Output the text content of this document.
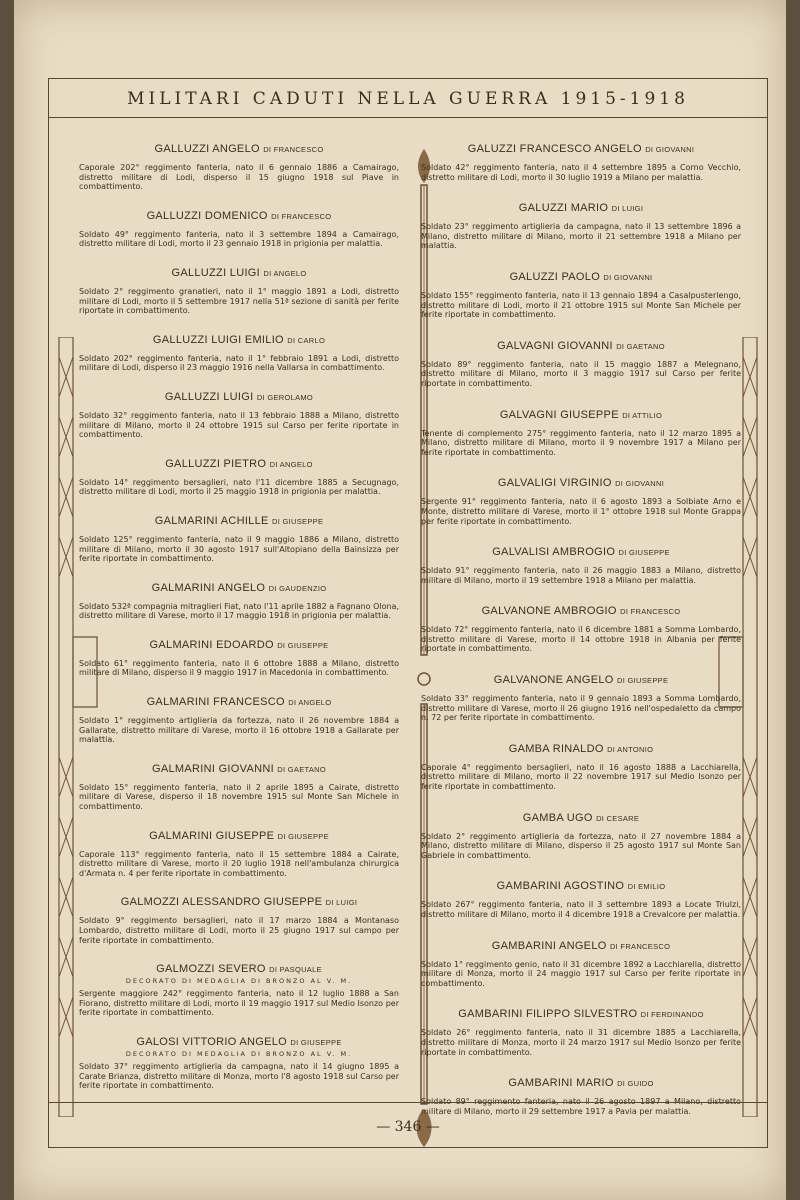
MILITARI CADUTI NELLA GUERRA 1915-1918
GALLUZZI ANGELO DI FRANCESCO
Caporale 202° reggimento fanteria, nato il 6 gennaio 1886 a Camairago, distretto militare di Lodi, disperso il 15 giugno 1918 sul Piave in combattimento.
GALLUZZI DOMENICO DI FRANCESCO
Soldato 49° reggimento fanteria, nato il 3 settembre 1894 a Camairago, distretto militare di Lodi, morto il 23 gennaio 1918 in prigionia per malattia.
GALLUZZI LUIGI DI ANGELO
Soldato 2° reggimento granatieri, nato il 1° maggio 1891 a Lodi, distretto militare di Lodi, morto il 5 settembre 1917 nella 51ª sezione di sanità per ferite riportate in combattimento.
GALLUZZI LUIGI EMILIO DI CARLO
Soldato 202° reggimento fanteria, nato il 1° febbraio 1891 a Lodi, distretto militare di Lodi, disperso il 23 maggio 1916 nella Vallarsa in combattimento.
GALLUZZI LUIGI DI GEROLAMO
Soldato 32° reggimento fanteria, nato il 13 febbraio 1888 a Milano, distretto militare di Milano, morto il 24 ottobre 1915 sul Carso per ferite riportate in combattimento.
GALLUZZI PIETRO DI ANGELO
Soldato 14° reggimento bersaglieri, nato l'11 dicembre 1885 a Secugnago, distretto militare di Lodi, morto il 25 maggio 1918 in prigionia per malattia.
GALMARINI ACHILLE DI GIUSEPPE
Soldato 125° reggimento fanteria, nato il 9 maggio 1886 a Milano, distretto militare di Milano, morto il 30 agosto 1917 sull'Altopiano della Bainsizza per ferite riportate in combattimento.
GALMARINI ANGELO DI GAUDENZIO
Soldato 532ª compagnia mitraglieri Fiat, nato l'11 aprile 1882 a Fagnano Olona, distretto militare di Varese, morto il 17 maggio 1918 in prigionia per malattia.
GALMARINI EDOARDO DI GIUSEPPE
Soldato 61° reggimento fanteria, nato il 6 ottobre 1888 a Milano, distretto militare di Milano, disperso il 9 maggio 1917 in Macedonia in combattimento.
GALMARINI FRANCESCO DI ANGELO
Soldato 1° reggimento artiglieria da fortezza, nato il 26 novembre 1884 a Gallarate, distretto militare di Varese, morto il 16 ottobre 1918 a Gallarate per malattia.
GALMARINI GIOVANNI DI GAETANO
Soldato 15° reggimento fanteria, nato il 2 aprile 1895 a Cairate, distretto militare di Varese, disperso il 18 novembre 1915 sul Monte San Michele in combattimento.
GALMARINI GIUSEPPE DI GIUSEPPE
Caporale 113° reggimento fanteria, nato il 15 settembre 1884 a Cairate, distretto militare di Varese, morto il 20 luglio 1918 nell'ambulanza chirurgica d'Armata n. 4 per ferite riportate in combattimento.
GALMOZZI ALESSANDRO GIUSEPPE DI LUIGI
Soldato 9° reggimento bersaglieri, nato il 17 marzo 1884 a Montanaso Lombardo, distretto militare di Lodi, morto il 25 giugno 1917 sul campo per ferite riportate in combattimento.
GALMOZZI SEVERO DI PASQUALE
DECORATO DI MEDAGLIA DI BRONZO AL V. M.
Sergente maggiore 242° reggimento fanteria, nato il 12 luglio 1888 a San Fiorano, distretto militare di Lodi, morto il 19 maggio 1917 sul Medio Isonzo per ferite riportate in combattimento.
GALOSI VITTORIO ANGELO DI GIUSEPPE
DECORATO DI MEDAGLIA DI BRONZO AL V. M.
Soldato 37° reggimento artiglieria da campagna, nato il 14 giugno 1895 a Carate Brianza, distretto militare di Monza, morto l'8 agosto 1918 sul Carso per ferite riportate in combattimento.
GALUZZI FRANCESCO ANGELO DI GIOVANNI
Soldato 42° reggimento fanteria, nato il 4 settembre 1895 a Corno Vecchio, distretto militare di Lodi, morto il 30 luglio 1919 a Milano per malattia.
GALUZZI MARIO DI LUIGI
Soldato 23° reggimento artiglieria da campagna, nato il 13 settembre 1896 a Milano, distretto militare di Milano, morto il 21 settembre 1918 a Milano per malattia.
GALUZZI PAOLO DI GIOVANNI
Soldato 155° reggimento fanteria, nato il 13 gennaio 1894 a Casalpusterlengo, distretto militare di Lodi, morto il 21 ottobre 1915 sul Monte San Michele per ferite riportate in combattimento.
GALVAGNI GIOVANNI DI GAETANO
Soldato 89° reggimento fanteria, nato il 15 maggio 1887 a Melegnano, distretto militare di Milano, morto il 3 maggio 1917 sul Carso per ferite riportate in combattimento.
GALVAGNI GIUSEPPE DI ATTILIO
Tenente di complemento 275° reggimento fanteria, nato il 12 marzo 1895 a Milano, distretto militare di Milano, morto il 9 novembre 1917 a Milano per ferite riportate in combattimento.
GALVALIGI VIRGINIO DI GIOVANNI
Sergente 91° reggimento fanteria, nato il 6 agosto 1893 a Solbiate Arno e Monte, distretto militare di Varese, morto il 1° ottobre 1918 sul Monte Grappa per ferite riportate in combattimento.
GALVALISI AMBROGIO DI GIUSEPPE
Soldato 91° reggimento fanteria, nato il 26 maggio 1883 a Milano, distretto militare di Milano, morto il 19 settembre 1918 a Milano per malattia.
GALVANONE AMBROGIO DI FRANCESCO
Soldato 72° reggimento fanteria, nato il 6 dicembre 1881 a Somma Lombardo, distretto militare di Varese, morto il 14 ottobre 1918 in Albania per ferite riportate in combattimento.
GALVANONE ANGELO DI GIUSEPPE
Soldato 33° reggimento fanteria, nato il 9 gennaio 1893 a Somma Lombardo, distretto militare di Varese, morto il 26 giugno 1916 nell'ospedaletto da campo n. 72 per ferite riportate in combattimento.
GAMBA RINALDO DI ANTONIO
Caporale 4° reggimento bersaglieri, nato il 16 agosto 1888 a Lacchiarella, distretto militare di Milano, morto il 22 novembre 1917 sul Medio Isonzo per ferite riportate in combattimento.
GAMBA UGO DI CESARE
Soldato 2° reggimento artiglieria da fortezza, nato il 27 novembre 1884 a Milano, distretto militare di Milano, disperso il 25 agosto 1917 sul Monte San Gabriele in combattimento.
GAMBARINI AGOSTINO DI EMILIO
Soldato 267° reggimento fanteria, nato il 3 settembre 1893 a Locate Triulzi, distretto militare di Milano, morto il 4 dicembre 1918 a Crevalcore per malattia.
GAMBARINI ANGELO DI FRANCESCO
Soldato 1° reggimento genio, nato il 31 dicembre 1892 a Lacchiarella, distretto militare di Monza, morto il 24 maggio 1917 sul Carso per ferite riportate in combattimento.
GAMBARINI FILIPPO SILVESTRO DI FERDINANDO
Soldato 26° reggimento fanteria, nato il 31 dicembre 1885 a Lacchiarella, distretto militare di Monza, morto il 24 marzo 1917 sul Medio Isonzo per ferite riportate in combattimento.
GAMBARINI MARIO DI GUIDO
Soldato 89° reggimento fanteria, nato il 26 agosto 1897 a Milano, distretto militare di Milano, morto il 29 settembre 1917 a Pavia per malattia.
— 346 —
